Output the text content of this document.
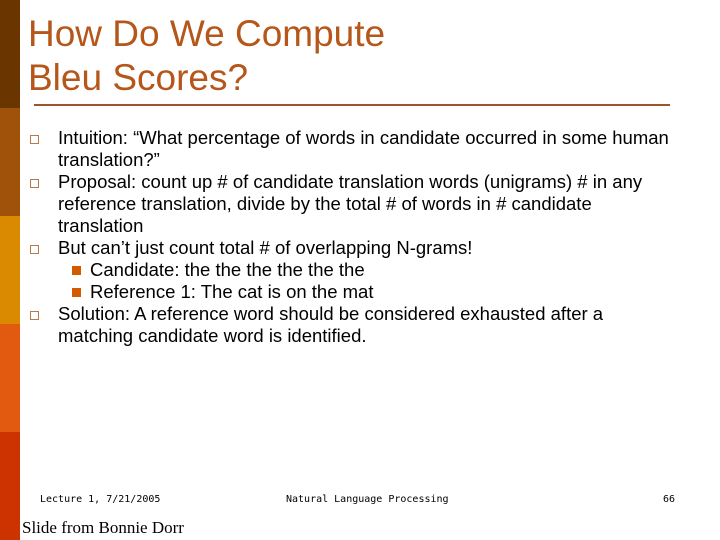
How Do We Compute
Bleu Scores?
Intuition: “What percentage of words in candidate occurred in some human translation?”
Proposal: count up # of candidate translation words (unigrams) # in any reference translation, divide by the total # of words in # candidate translation
But can’t just count total # of overlapping N-grams!
Candidate: the the the the the the
Reference 1: The cat is on the mat
Solution: A reference word should be considered exhausted after a matching candidate word is identified.
Lecture 1, 7/21/2005	Natural Language Processing	66
Slide from Bonnie Dorr
